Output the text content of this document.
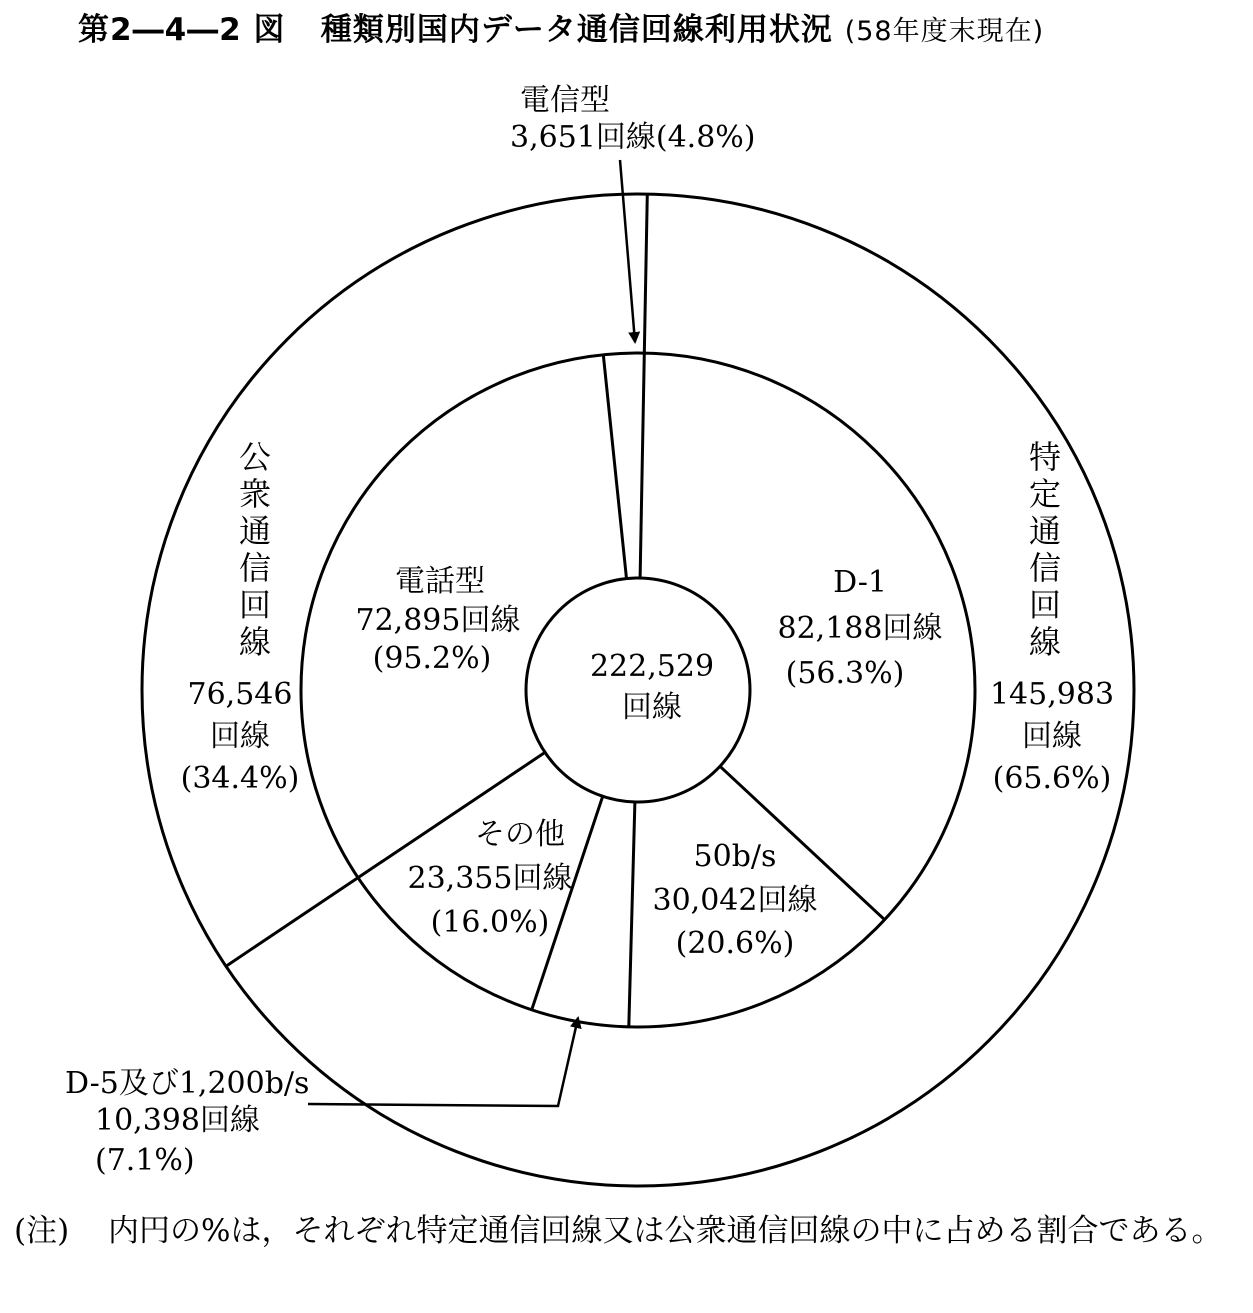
第2―4―2 図 種類別国内データ通信回線利用状況 (58年度末現在)
222,529
回線
特定通信回線
145,983
回線
(65.6%)
公衆通信回線
76,546
回線
(34.4%)
D-1
82,188回線
(56.3%)
50b/s
30,042回線
(20.6%)
その他
23,355回線
(16.0%)
電話型
72,895回線
(95.2%)
電信型
3,651回線(4.8%)
D-5及び1,200b/s
10,398回線
(7.1%)
(注) 内円の%は，それぞれ特定通信回線又は公衆通信回線の中に占める割合である。
